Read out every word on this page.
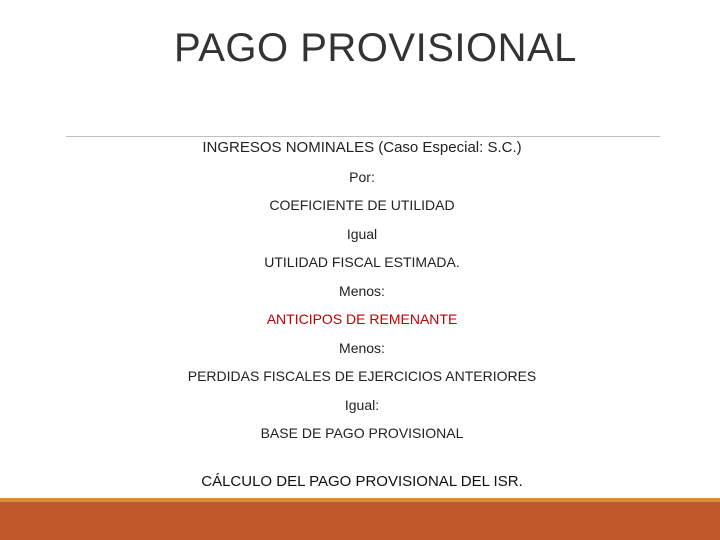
PAGO PROVISIONAL
INGRESOS NOMINALES (Caso Especial: S.C.)
Por:
COEFICIENTE DE UTILIDAD
Igual
UTILIDAD FISCAL ESTIMADA.
Menos:
ANTICIPOS DE REMENANTE
Menos:
PERDIDAS FISCALES DE EJERCICIOS ANTERIORES
Igual:
BASE DE PAGO PROVISIONAL
CÁLCULO DEL PAGO PROVISIONAL DEL ISR.
